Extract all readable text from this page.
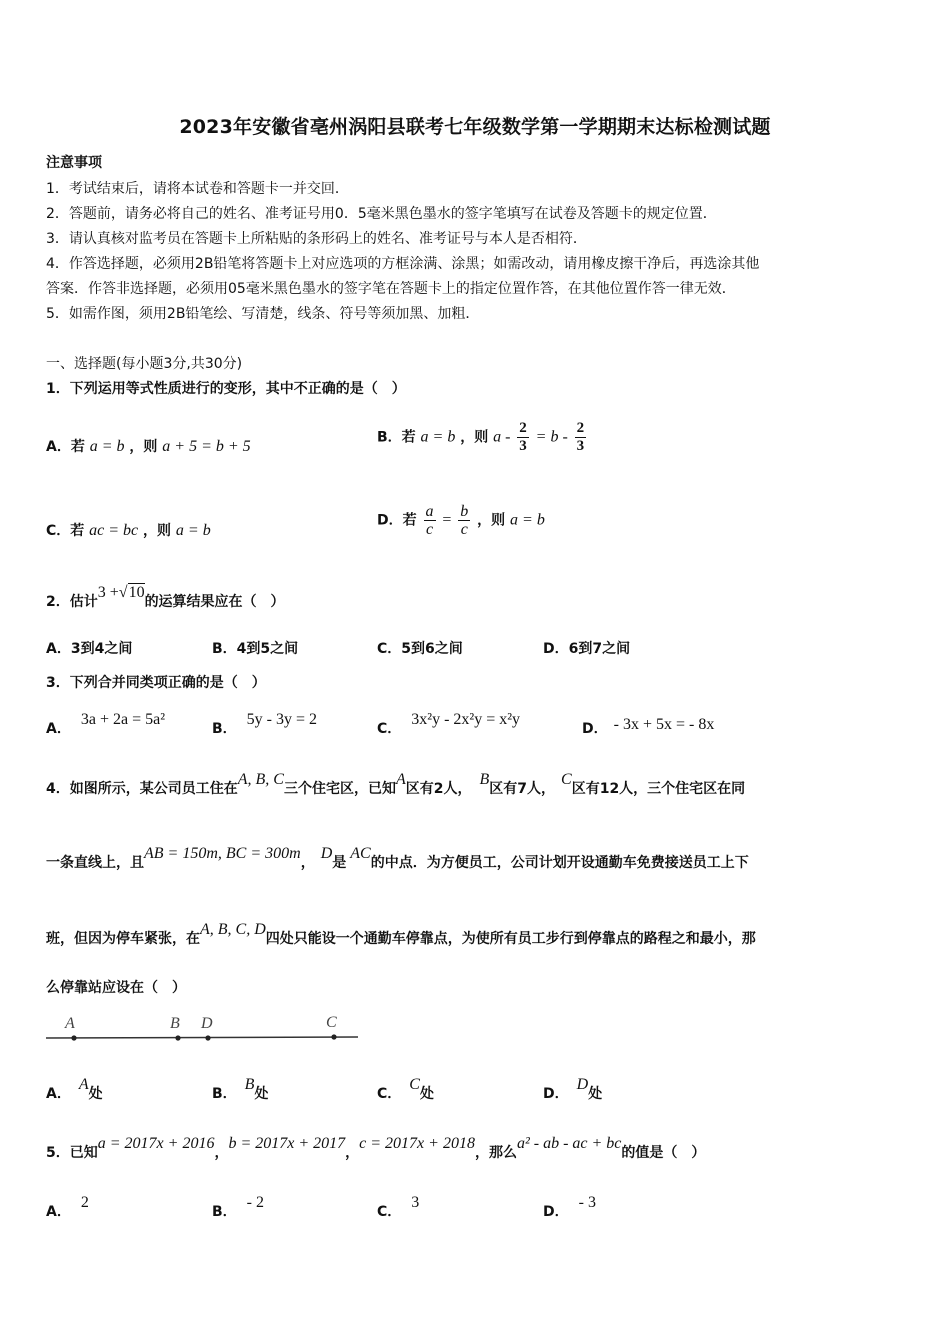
2023年安徽省亳州涡阳县联考七年级数学第一学期期末达标检测试题
注意事项
1．考试结束后，请将本试卷和答题卡一并交回．
2．答题前，请务必将自己的姓名、准考证号用0．5毫米黑色墨水的签字笔填写在试卷及答题卡的规定位置．
3．请认真核对监考员在答题卡上所粘贴的条形码上的姓名、准考证号与本人是否相符．
4．作答选择题，必须用2B铅笔将答题卡上对应选项的方框涂满、涂黑；如需改动，请用橡皮擦干净后，再选涂其他
答案．作答非选择题，必须用05毫米黑色墨水的签字笔在答题卡上的指定位置作答，在其他位置作答一律无效．
5．如需作图，须用2B铅笔绘、写清楚，线条、符号等须加黑、加粗．
一、选择题(每小题3分,共30分)
1．下列运用等式性质进行的变形，其中不正确的是（　）
A．若 a = b ，则 a + 5 = b + 5
B．若 a = b ，则 $a - \frac{2}{3} = b - \frac{2}{3}$
C．若 ac = bc ，则 a = b
D．若 $\frac{a}{c} = \frac{b}{c}$ ，则 a = b
2．估计3 +√10的运算结果应在（　）
A．3到4之间	B．4到5之间	C．5到6之间	D．6到7之间
3．下列合并同类项正确的是（　）
A．3a + 2a = 5a²
B．5y - 3y = 2
C．3x²y - 2x²y = x²y
D． - 3x + 5x = - 8x
4．如图所示，某公司员工住在A, B, C三个住宅区，已知A区有2人，B区有7人，C区有12人，三个住宅区在同
一条直线上，且AB = 150m, BC = 300m，D是AC的中点．为方便员工，公司计划开设通勤车免费接送员工上下
班，但因为停车紧张，在A, B, C, D四处只能设一个通勤车停靠点，为使所有员工步行到停靠点的路程之和最小，那
么停靠站应设在（　）
A	B D	C
A．A处	B．B处	C．C处	D．D处
5．已知a = 2017x + 2016，b = 2017x + 2017，c = 2017x + 2018，那么a² - ab - ac + bc的值是（　）
A．2
B．- 2
C．3
D．- 3
